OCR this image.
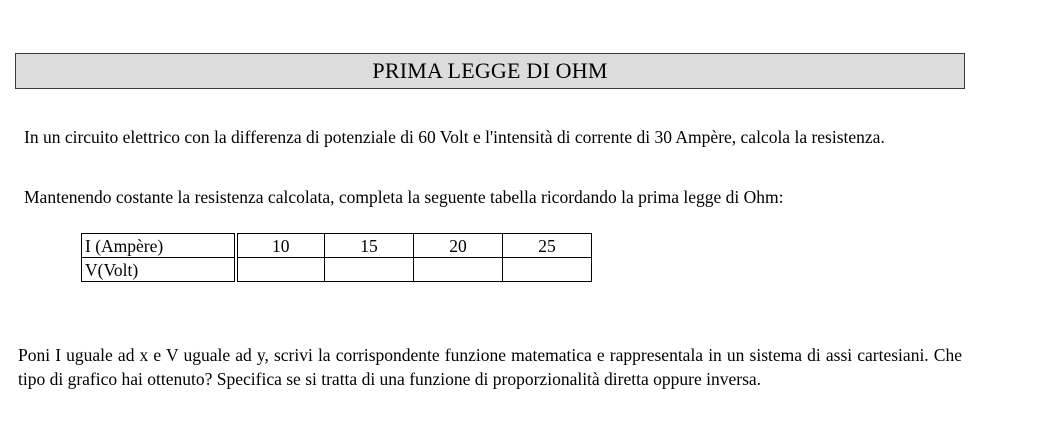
PRIMA LEGGE DI OHM

In un circuito elettrico con la differenza di potenziale di 60 Volt e l'intensità di corrente di 30 Ampère, calcola la resistenza.

Mantenendo costante la resistenza calcolata, completa la seguente tabella ricordando la prima legge di Ohm:

I (Ampère)	10	15	20	25
V(Volt)				

Poni I uguale ad x e V uguale ad y, scrivi la corrispondente funzione matematica e rappresentala in un sistema di assi cartesiani. Che tipo di grafico hai ottenuto? Specifica se si tratta di una funzione di proporzionalità diretta oppure inversa.
